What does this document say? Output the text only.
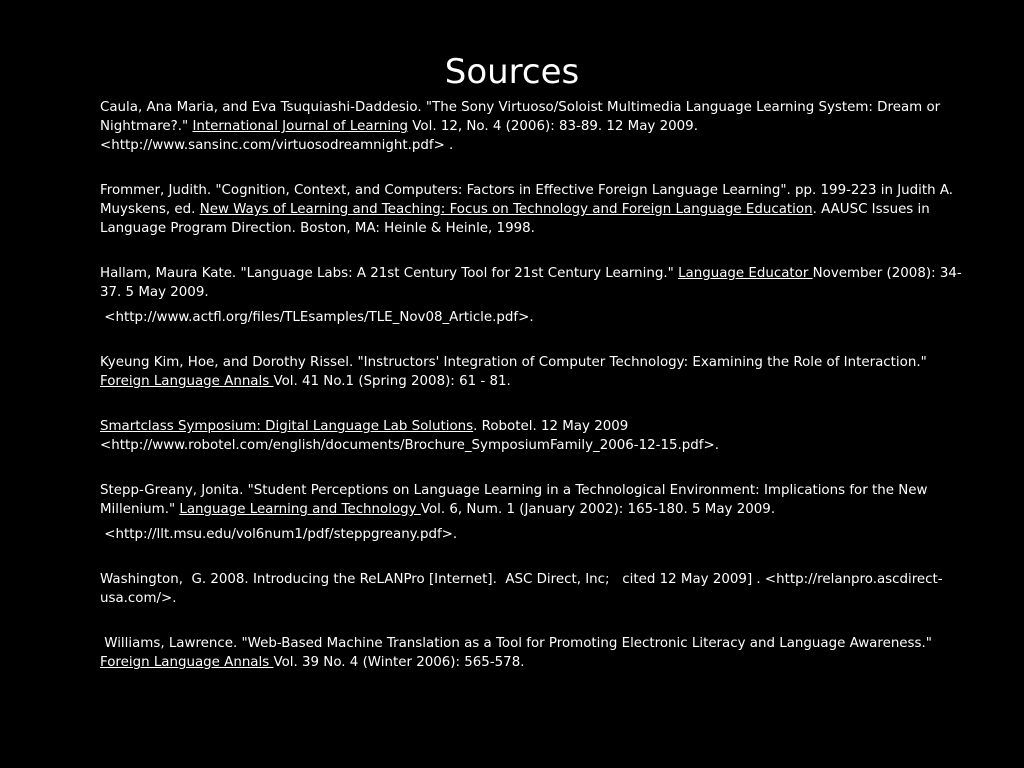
Sources
Caula, Ana Maria, and Eva Tsuquiashi-Daddesio. "The Sony Virtuoso/Soloist Multimedia Language Learning System: Dream or Nightmare?." International Journal of Learning Vol. 12, No. 4 (2006): 83-89. 12 May 2009. <http://www.sansinc.com/virtuosodreamnight.pdf> .
Frommer, Judith. "Cognition, Context, and Computers: Factors in Effective Foreign Language Learning". pp. 199-223 in Judith A. Muyskens, ed. New Ways of Learning and Teaching: Focus on Technology and Foreign Language Education. AAUSC Issues in Language Program Direction. Boston, MA: Heinle & Heinle, 1998.
Hallam, Maura Kate. "Language Labs: A 21st Century Tool for 21st Century Learning." Language Educator November (2008): 34-37. 5 May 2009.
<http://www.actfl.org/files/TLEsamples/TLE_Nov08_Article.pdf>.
Kyeung Kim, Hoe, and Dorothy Rissel. "Instructors' Integration of Computer Technology: Examining the Role of Interaction." Foreign Language Annals Vol. 41 No.1 (Spring 2008): 61 - 81.
Smartclass Symposium: Digital Language Lab Solutions. Robotel. 12 May 2009 <http://www.robotel.com/english/documents/Brochure_SymposiumFamily_2006-12-15.pdf>.
Stepp-Greany, Jonita. "Student Perceptions on Language Learning in a Technological Environment: Implications for the New Millenium." Language Learning and Technology Vol. 6, Num. 1 (January 2002): 165-180. 5 May 2009.
<http://llt.msu.edu/vol6num1/pdf/steppgreany.pdf>.
Washington,  G. 2008. Introducing the ReLANPro [Internet].  ASC Direct, Inc;   cited 12 May 2009] . <http://relanpro.ascdirect-usa.com/>.
Williams, Lawrence. "Web-Based Machine Translation as a Tool for Promoting Electronic Literacy and Language Awareness." Foreign Language Annals Vol. 39 No. 4 (Winter 2006): 565-578.
